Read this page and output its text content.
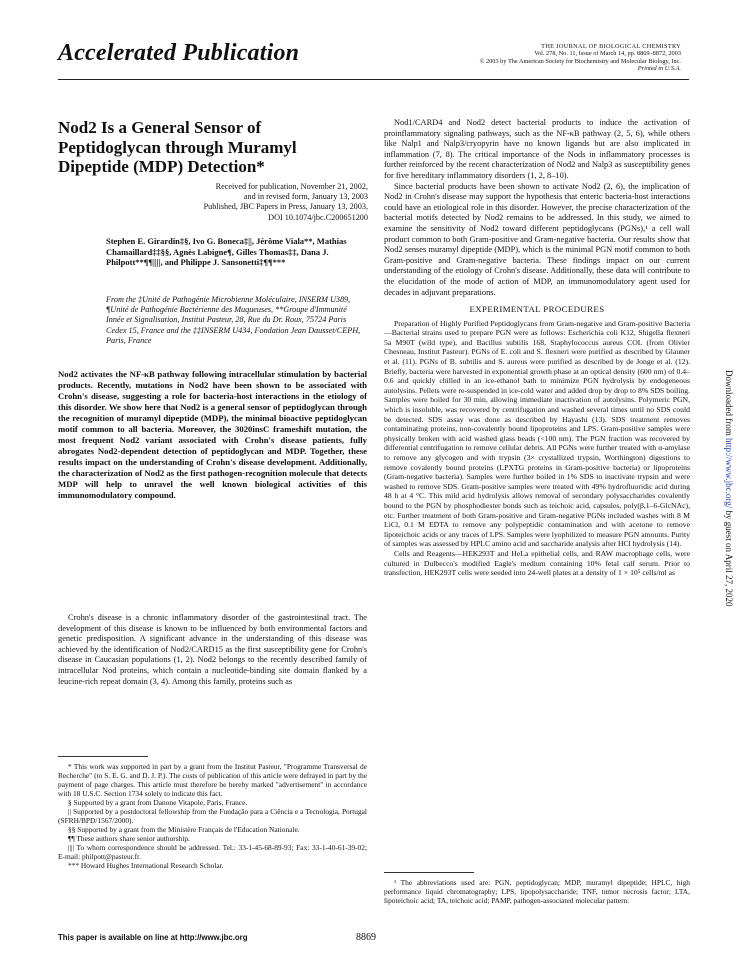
Accelerated Publication	THE JOURNAL OF BIOLOGICAL CHEMISTRY
Vol. 278, No. 11, Issue of March 14, pp. 8869–8872, 2003
© 2003 by The American Society for Biochemistry and Molecular Biology, Inc.
Printed in U.S.A.
Nod2 Is a General Sensor of Peptidoglycan through Muramyl Dipeptide (MDP) Detection*
Received for publication, November 21, 2002,
and in revised form, January 13, 2003
Published, JBC Papers in Press, January 13, 2003,
DOI 10.1074/jbc.C200651200
Stephen E. Girardin‡§, Ivo G. Boneca‡||, Jérôme Viala**, Mathias Chamaillard‡‡§§, Agnès Labigne¶, Gilles Thomas‡‡, Dana J. Philpott**¶¶||||, and Philippe J. Sansonetti‡¶¶***
From the ‡Unité de Pathogénie Microbienne Moléculaire, INSERM U389, ¶Unité de Pathogénie Bactérienne des Muqueuses, **Groupe d'Immunité Innée et Signalisation, Institut Pasteur, 28, Rue du Dr. Roux, 75724 Paris Cedex 15, France and the ‡‡INSERM U434, Fondation Jean Dausset/CEPH, Paris, France
Nod2 activates the NF-κB pathway following intracellular stimulation by bacterial products. Recently, mutations in Nod2 have been shown to be associated with Crohn's disease, suggesting a role for bacteria-host interactions in the etiology of this disorder. We show here that Nod2 is a general sensor of peptidoglycan through the recognition of muramyl dipeptide (MDP), the minimal bioactive peptidoglycan motif common to all bacteria. Moreover, the 3020insC frameshift mutation, the most frequent Nod2 variant associated with Crohn's disease patients, fully abrogates Nod2-dependent detection of peptidoglycan and MDP. Together, these results impact on the understanding of Crohn's disease development. Additionally, the characterization of Nod2 as the first pathogen-recognition molecule that detects MDP will help to unravel the well known biological activities of this immunomodulatory compound.

Crohn's disease is a chronic inflammatory disorder of the gastrointestinal tract. The development of this disease is known to be influenced by both environmental factors and genetic predisposition. A significant advance in the understanding of this disease was achieved by the identification of Nod2/CARD15 as the first susceptibility gene for Crohn's disease in Caucasian populations (1, 2). Nod2 belongs to the recently described family of intracellular Nod proteins, which contain a nucleotide-binding site domain flanked by a leucine-rich repeat domain (3, 4). Among this family, proteins such as

* This work was supported in part by a grant from the Institut Pasteur, "Programme Transversal de Recherche" (to S. E. G. and D. J. P.). The costs of publication of this article were defrayed in part by the payment of page charges. This article must therefore be hereby marked "advertisement" in accordance with 18 U.S.C. Section 1734 solely to indicate this fact.

§ Supported by a grant from Danone Vitapole, Paris, France.

|| Supported by a postdoctoral fellowship from the Fundação para a Ciência e a Tecnologia, Portugal (SFRH/BPD/1567/2000).

§§ Supported by a grant from the Ministère Français de l'Education Nationale.

¶¶ These authors share senior authorship.

|||| To whom correspondence should be addressed. Tel.: 33-1-45-68-89-93; Fax: 33-1-40-61-39-02; E-mail: philpott@pasteur.fr.

*** Howard Hughes International Research Scholar.

This paper is available on line at http://www.jbc.org	8869

Nod1/CARD4 and Nod2 detect bacterial products to induce the activation of proinflammatory signaling pathways, such as the NF-κB pathway (2, 5, 6), while others like Nalp1 and Nalp3/cryopyrin have no known ligands but are also implicated in inflammation (7, 8). The critical importance of the Nods in inflammatory processes is further reinforced by the recent characterization of Nod2 and Nalp3 as susceptibility genes for five hereditary inflammatory disorders (1, 2, 8–10).

Since bacterial products have been shown to activate Nod2 (2, 6), the implication of Nod2 in Crohn's disease may support the hypothesis that enteric bacteria-host interactions could have an etiological role in this disorder. However, the precise characterization of the bacterial motifs detected by Nod2 remains to be addressed. In this study, we aimed to examine the sensitivity of Nod2 toward different peptidoglycans (PGNs),¹ a cell wall product common to both Gram-positive and Gram-negative bacteria. Our results show that Nod2 senses muramyl dipeptide (MDP), which is the minimal PGN motif common to both Gram-positive and Gram-negative bacteria. These findings impact on our current understanding of the etiology of Crohn's disease. Additionally, these data will contribute to the elucidation of the mode of action of MDP, an immunomodulatory agent used for decades in adjuvant preparations.

EXPERIMENTAL PROCEDURES

Preparation of Highly Purified Peptidoglycans from Gram-negative and Gram-positive Bacteria—Bacterial strains used to prepare PGN were as follows: Escherichia coli K12, Shigella flexneri 5a M90T (wild type), and Bacillus subtilis 168, Staphylococcus aureus COL (from Olivier Chesneau, Institut Pasteur). PGNs of E. coli and S. flexneri were purified as described by Glauner et al. (11). PGNs of B. subtilis and S. aureus were purified as described by de Jonge et al. (12). Briefly, bacteria were harvested in exponential growth phase at an optical density (600 nm) of 0.4–0.6 and quickly chilled in an ice-ethanol bath to minimize PGN hydrolysis by endogeneous autolysins. Pellets were re-suspended in ice-cold water and added drop by drop to 8% SDS boiling. Samples were boiled for 30 min, allowing immediate inactivation of autolysins. Polymeric PGN, which is insoluble, was recovered by centrifugation and washed several times until no SDS could be detected. SDS assay was done as described by Hayashi (13). SDS treatment removes contaminating proteins, non-covalently bound lipoproteins and LPS. Gram-positive samples were physically broken with acid washed glass beads (<100 nm). The PGN fraction was recovered by differential centrifugation to remove cellular debris. All PGNs were further treated with α-amylase to remove any glycogen and with trypsin (3× crystallized trypsin, Worthington) digestions to remove covalently bound proteins (LPXTG proteins in Gram-positive bacteria) or lipoproteins (Gram-negative bacteria). Samples were further boiled in 1% SDS to inactivate trypsin and were washed to remove SDS. Gram-positive samples were treated with 49% hydrofluoridic acid during 48 h at 4 °C. This mild acid hydrolysis allows removal of secondary polysaccharides covalently bound to the PGN by phosphodiester bonds such as teichoic acid, capsules, poly(β,1–6-GlcNAc), etc. Further treatment of both Gram-positive and Gram-negative PGNs included washes with 8 M LiCl, 0.1 M EDTA to remove any polypeptidic contamination and with acetone to remove lipoteichoic acids or any traces of LPS. Samples were lyophilized to measure PGN amounts. Purity of samples was assessed by HPLC amino acid and saccharide analysis after HCl hydrolysis (14).

Cells and Reagents—HEK293T and HeLa epithelial cells, and RAW macrophage cells, were cultured in Dulbecco's modified Eagle's medium containing 10% fetal calf serum. Prior to transfection, HEK293T cells were seeded into 24-well plates at a density of 1 × 10⁵ cells/ml as

¹ The abbreviations used are: PGN, peptidoglycan; MDP, muramyl dipeptide; HPLC, high performance liquid chromatography; LPS, lipopolysaccharide; TNF, tumor necrosis factor; LTA, lipoteichoic acid; TA, teichoic acid; PAMP, pathogen-associated molecular pattern.

Downloaded from http://www.jbc.org/ by guest on April 27, 2020
